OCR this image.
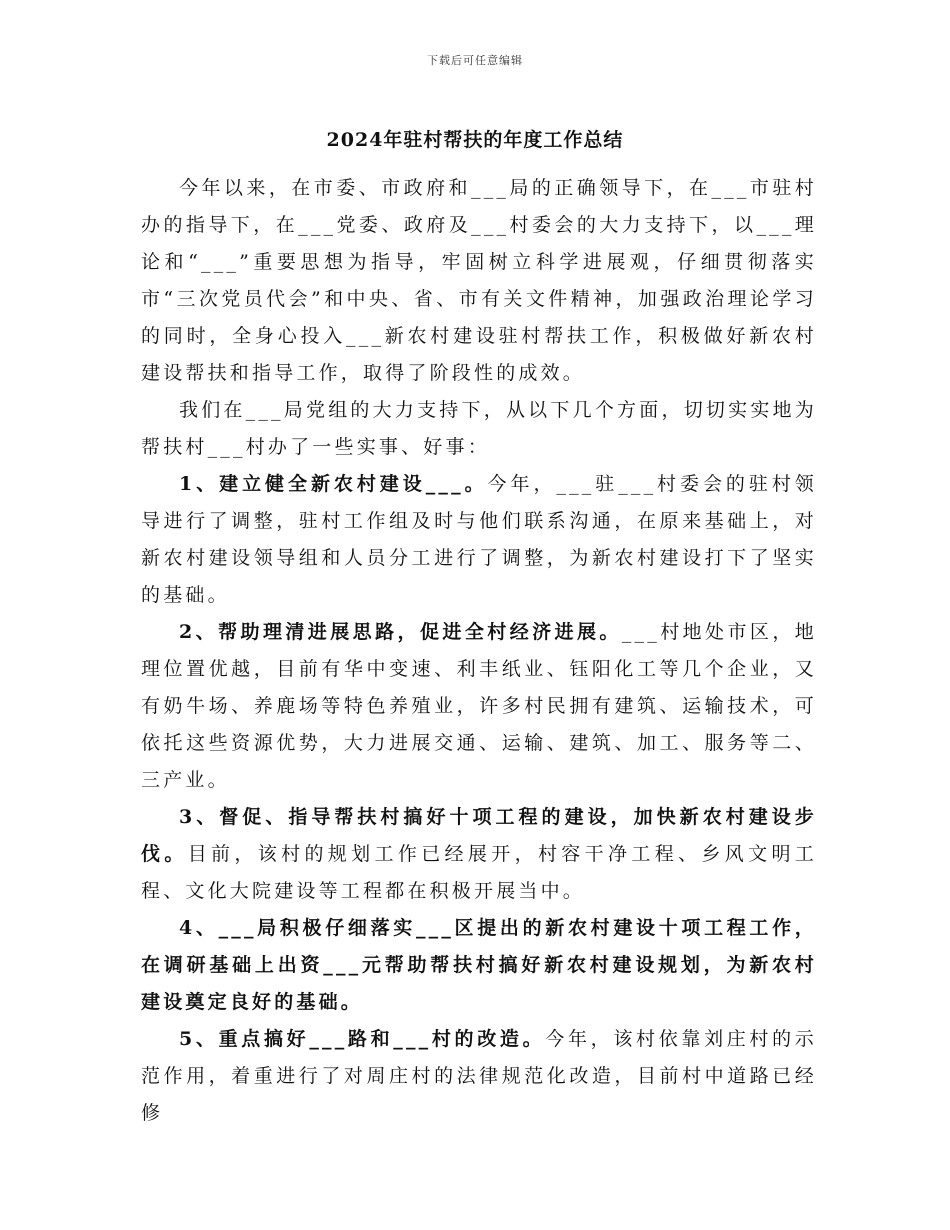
下载后可任意编辑
2024年驻村帮扶的年度工作总结

今年以来，在市委、市政府和___局的正确领导下，在___市驻村办的指导下，在___党委、政府及___村委会的大力支持下，以___理论和“___”重要思想为指导，牢固树立科学进展观，仔细贯彻落实市“三次党员代会”和中央、省、市有关文件精神，加强政治理论学习的同时，全身心投入___新农村建设驻村帮扶工作，积极做好新农村建设帮扶和指导工作，取得了阶段性的成效。

我们在___局党组的大力支持下，从以下几个方面，切切实实地为帮扶村___村办了一些实事、好事：

1、建立健全新农村建设___。今年，___驻___村委会的驻村领导进行了调整，驻村工作组及时与他们联系沟通，在原来基础上，对新农村建设领导组和人员分工进行了调整，为新农村建设打下了坚实的基础。

2、帮助理清进展思路，促进全村经济进展。___村地处市区，地理位置优越，目前有华中变速、利丰纸业、钰阳化工等几个企业，又有奶牛场、养鹿场等特色养殖业，许多村民拥有建筑、运输技术，可依托这些资源优势，大力进展交通、运输、建筑、加工、服务等二、三产业。

3、督促、指导帮扶村搞好十项工程的建设，加快新农村建设步伐。目前，该村的规划工作已经展开，村容干净工程、乡风文明工程、文化大院建设等工程都在积极开展当中。

4、___局积极仔细落实___区提出的新农村建设十项工程工作，在调研基础上出资___元帮助帮扶村搞好新农村建设规划，为新农村建设奠定良好的基础。

5、重点搞好___路和___村的改造。今年，该村依靠刘庄村的示范作用，着重进行了对周庄村的法律规范化改造，目前村中道路已经修
